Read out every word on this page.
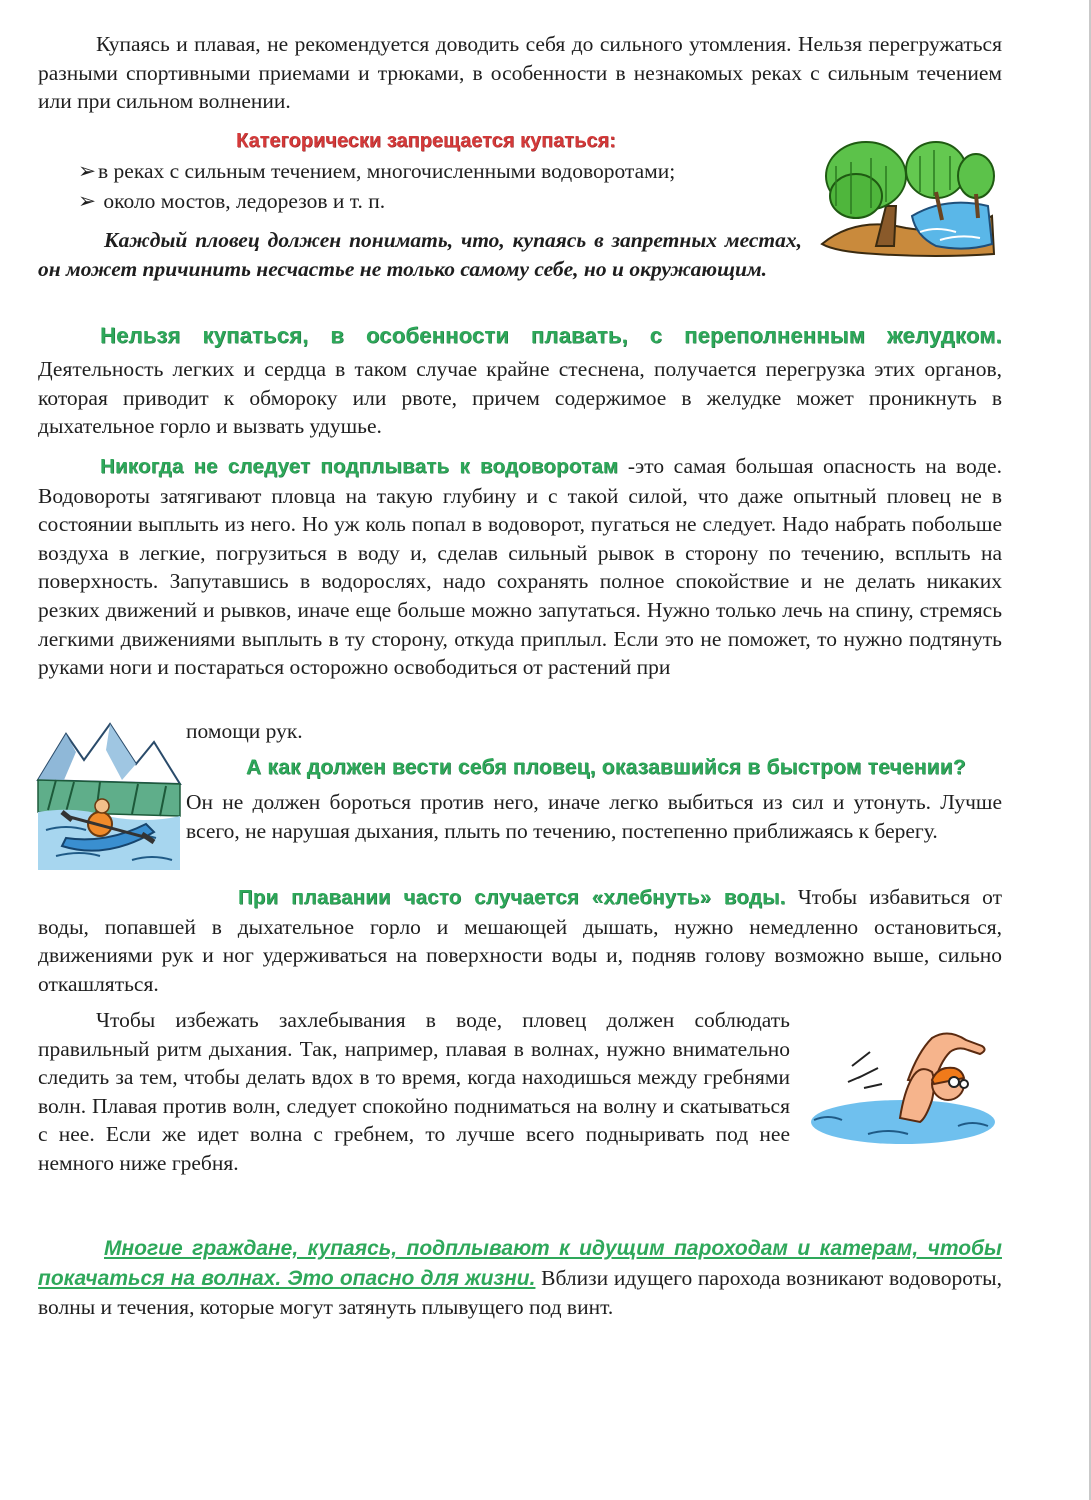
Купаясь и плавая, не рекомендуется доводить себя до сильного утомления. Нельзя перегружаться разными спортивными приемами и трюками, в особенности в незнакомых реках с сильным течением или при сильном волнении.

Категорически запрещается купаться:
➢в реках с сильным течением, многочисленными водоворотами;
➢ около мостов, ледорезов и т. п.

Каждый пловец должен понимать, что, купаясь в запретных местах, он может причинить несчастье не только самому себе, но и окружающим.

Нельзя купаться, в особенности плавать, с переполненным желудком.

Деятельность легких и сердца в таком случае крайне стеснена, получается перегрузка этих органов, которая приводит к обмороку или рвоте, причем содержимое в желудке может проникнуть в дыхательное горло и вызвать удушье.

Никогда не следует подплывать к водоворотам -это самая большая опасность на воде. Водовороты затягивают пловца на такую глубину и с такой силой, что даже опытный пловец не в состоянии выплыть из него. Но уж коль попал в водоворот, пугаться не следует. Надо набрать побольше воздуха в легкие, погрузиться в воду и, сделав сильный рывок в сторону по течению, всплыть на поверхность. Запутавшись в водорослях, надо сохранять полное спокойствие и не делать никаких резких движений и рывков, иначе еще больше можно запутаться. Нужно только лечь на спину, стремясь легкими движениями выплыть в ту сторону, откуда приплыл. Если это не поможет, то нужно подтянуть руками ноги и постараться осторожно освободиться от растений при

помощи рук.
А как должен вести себя пловец, оказавшийся в быстром течении?

Он не должен бороться против него, иначе легко выбиться из сил и утонуть. Лучше всего, не нарушая дыхания, плыть по течению, постепенно приближаясь к берегу.

При плавании часто случается «хлебнуть» воды. Чтобы избавиться от воды, попавшей в дыхательное горло и мешающей дышать, нужно немедленно остановиться, движениями рук и ног удерживаться на поверхности воды и, подняв голову возможно выше, сильно откашляться.

Чтобы избежать захлебывания в воде, пловец должен соблюдать правильный ритм дыхания. Так, например, плавая в волнах, нужно внимательно следить за тем, чтобы делать вдох в то время, когда находишься между гребнями волн. Плавая против волн, следует спокойно подниматься на волну и скатываться с нее. Если же идет волна с гребнем, то лучше всего подныривать под нее немного ниже гребня.

Многие граждане, купаясь, подплывают к идущим пароходам и катерам, чтобы покачаться на волнах. Это опасно для жизни. Вблизи идущего парохода возникают водовороты, волны и течения, которые могут затянуть плывущего под винт.
